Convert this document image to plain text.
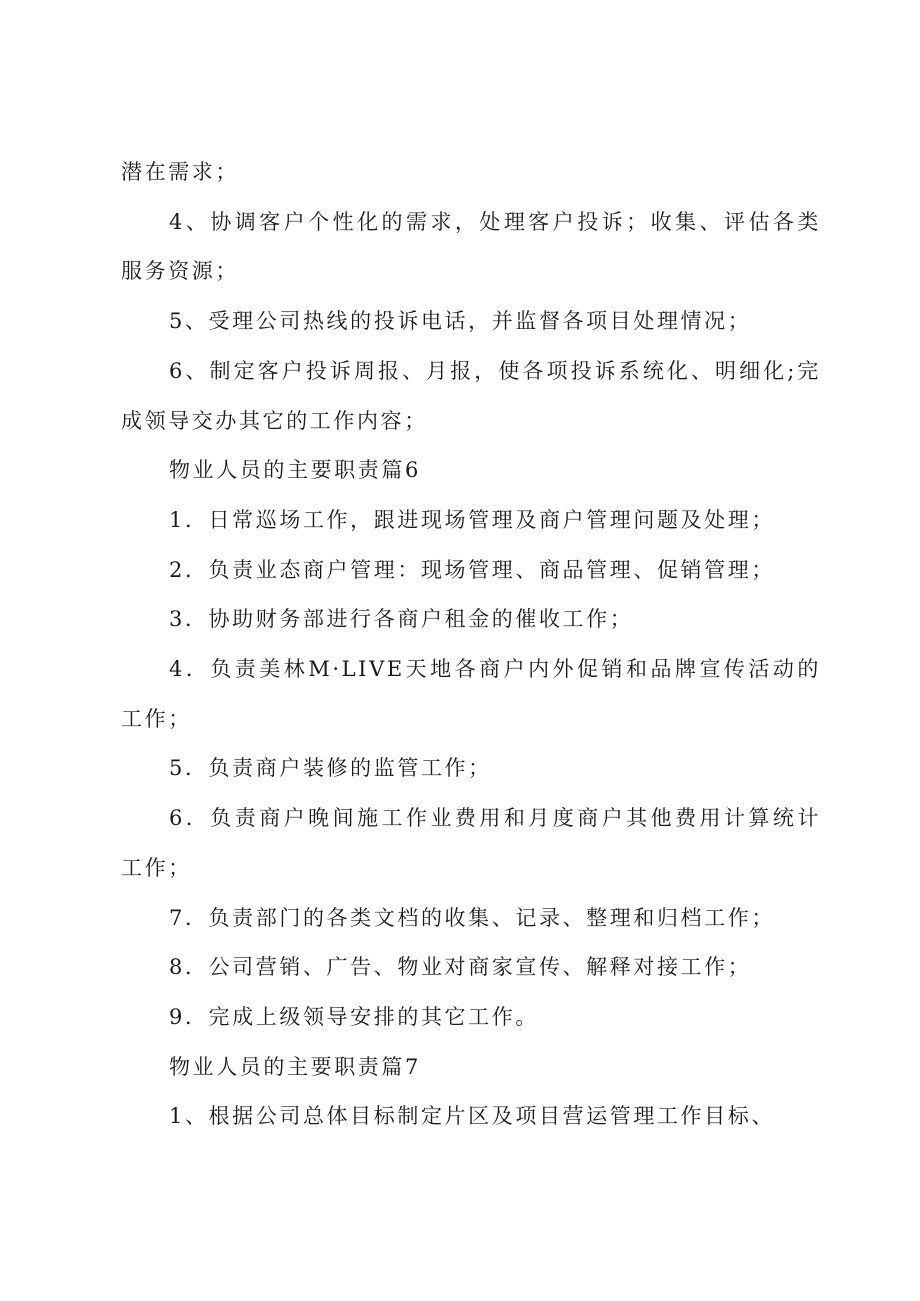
潜在需求；

4、协调客户个性化的需求，处理客户投诉；收集、评估各类服务资源；

5、受理公司热线的投诉电话，并监督各项目处理情况；

6、制定客户投诉周报、月报，使各项投诉系统化、明细化;完成领导交办其它的工作内容；

物业人员的主要职责篇6

1．日常巡场工作，跟进现场管理及商户管理问题及处理；

2．负责业态商户管理：现场管理、商品管理、促销管理；

3．协助财务部进行各商户租金的催收工作；

4．负责美林M·LIVE天地各商户内外促销和品牌宣传活动的工作；

5．负责商户装修的监管工作；

6．负责商户晚间施工作业费用和月度商户其他费用计算统计工作；

7．负责部门的各类文档的收集、记录、整理和归档工作；

8．公司营销、广告、物业对商家宣传、解释对接工作；

9．完成上级领导安排的其它工作。

物业人员的主要职责篇7

1、根据公司总体目标制定片区及项目营运管理工作目标、
